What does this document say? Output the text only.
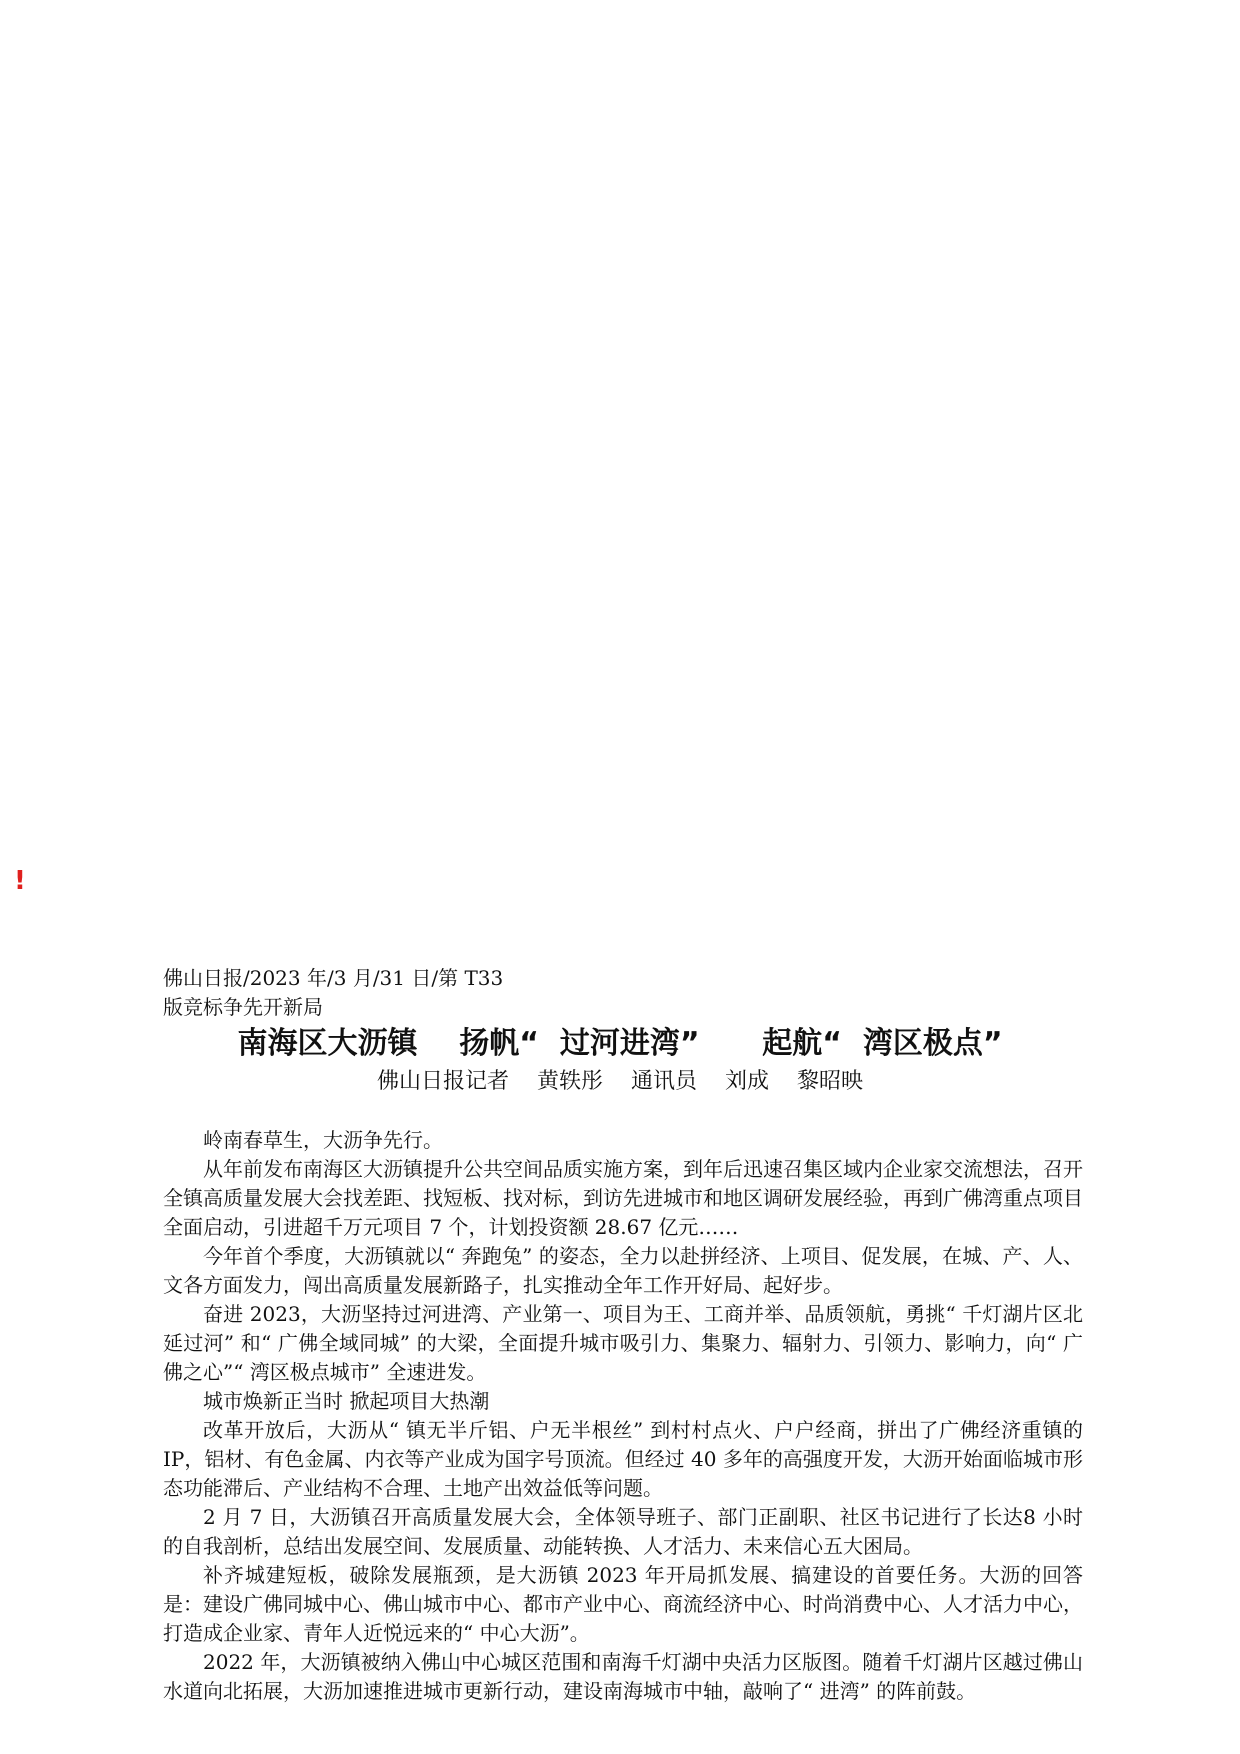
!
佛山日报/2023 年/3 月/31 日/第 T33
版竞标争先开新局
南海区大沥镇    扬帆“  过河进湾”      起航“  湾区极点”
佛山日报记者    黄轶彤    通讯员    刘成    黎昭映

岭南春草生，大沥争先行。

从年前发布南海区大沥镇提升公共空间品质实施方案，到年后迅速召集区域内企业家交流想法，召开全镇高质量发展大会找差距、找短板、找对标，到访先进城市和地区调研发展经验，再到广佛湾重点项目全面启动，引进超千万元项目 7 个，计划投资额 28.67 亿元……

今年首个季度，大沥镇就以“ 奔跑兔” 的姿态，全力以赴拼经济、上项目、促发展，在城、产、人、文各方面发力，闯出高质量发展新路子，扎实推动全年工作开好局、起好步。

奋进 2023，大沥坚持过河进湾、产业第一、项目为王、工商并举、品质领航，勇挑“ 千灯湖片区北延过河” 和“ 广佛全域同城” 的大梁，全面提升城市吸引力、集聚力、辐射力、引领力、影响力，向“ 广佛之心”“ 湾区极点城市” 全速进发。

城市焕新正当时 掀起项目大热潮

改革开放后，大沥从“ 镇无半斤铝、户无半根丝” 到村村点火、户户经商，拼出了广佛经济重镇的 IP，铝材、有色金属、内衣等产业成为国字号顶流。但经过 40 多年的高强度开发，大沥开始面临城市形态功能滞后、产业结构不合理、土地产出效益低等问题。

2 月 7 日，大沥镇召开高质量发展大会，全体领导班子、部门正副职、社区书记进行了长达8 小时的自我剖析，总结出发展空间、发展质量、动能转换、人才活力、未来信心五大困局。

补齐城建短板，破除发展瓶颈，是大沥镇 2023 年开局抓发展、搞建设的首要任务。大沥的回答是：建设广佛同城中心、佛山城市中心、都市产业中心、商流经济中心、时尚消费中心、人才活力中心，打造成企业家、青年人近悦远来的“ 中心大沥”。

2022 年，大沥镇被纳入佛山中心城区范围和南海千灯湖中央活力区版图。随着千灯湖片区越过佛山水道向北拓展，大沥加速推进城市更新行动，建设南海城市中轴，敲响了“ 进湾” 的阵前鼓。
